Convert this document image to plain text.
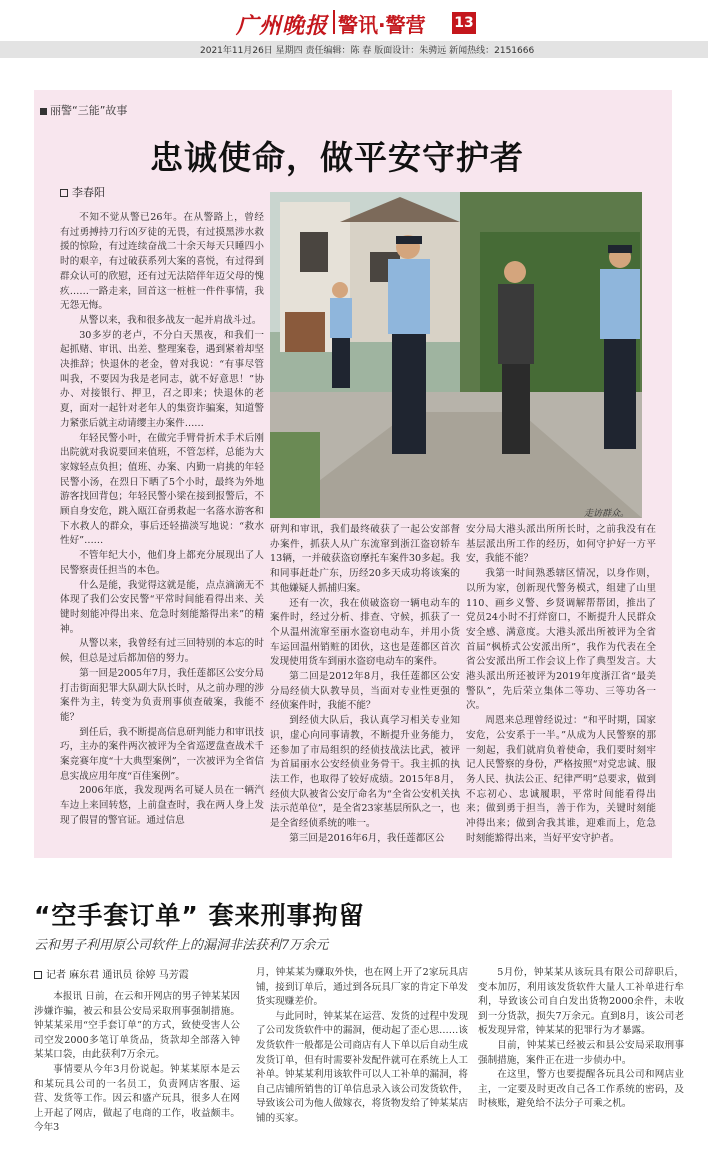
广州晚报 警讯·警营 13
2021年11月26日 星期四 责任编辑：陈 春 版面设计：朱骋远 新闻热线：2151666
丽警“三能”故事
忠诚使命，做平安守护者
李春阳

不知不觉从警已26年。在从警路上，曾经有过勇搏持刀行凶歹徒的无畏，有过摸黑涉水救援的惊险，有过连续奋战二十余天每天只睡四小时的艰辛，有过破获系列大案的喜悦，有过得到群众认可的欣慰，还有过无法陪伴年迈父母的愧疚……一路走来，回首这一桩桩一件件事情，我无怨无悔。

从警以来，我和很多战友一起并肩战斗过。

30多岁的老卢，不分白天黑夜，和我们一起抓赌、审讯、出差、整理案卷，遇到紧着却坚决推辞；快退休的老金，曾对我说：“有事尽管叫我，不要因为我是老同志，就不好意思！”协办、对接银行、押卫，召之即来；快退休的老夏，面对一起针对老年人的集资诈骗案，知道警力紧张后就主动请缨主办案件……

年轻民警小叶，在做完手臂骨折术手术后刚出院就对我说要回来值班，不管怎样，总能为大家嫁轻点负担；值班、办案、内勤一肩挑的年轻民警小汤，在烈日下晒了5个小时，最终为外地游客找回背包；年轻民警小梁在接到报警后，不顾自身安危，跳入瓯江奋勇救起一名落水游客和下水救人的群众，事后还轻描淡写地说：“救水性好”……

不管年纪大小，他们身上都充分展现出了人民警察责任担当的本色。

什么是能，我觉得这就是能，点点滴滴无不体现了我们公安民警“平常时间能看得出来、关键时刻能冲得出来、危急时刻能豁得出来”的精神。

从警以来，我曾经有过三回特别的本忘的时候，但总是过后都加倍的努力。

第一回是2005年7月，我任莲都区公安分局打击街面犯罪大队副大队长时，从之前办理的涉案件为主，转变为负责刑事侦查破案，我能不能？

到任后，我不断提高信息研判能力和审讯技巧，主办的案件两次被评为全省巡逻盘查战术千案竞赛年度“十大典型案例”，一次被评为全省信息实战应用年度“百佳案例”。

2006年底，我发现两名可疑人员在一辆汽车边上来回转悠，上前盘查时，我在两人身上发现了假冒的警官证。通过信息

走访群众。

研判和审讯，我们最终破获了一起公安部督办案件，抓获人从广东流窜到浙江盗窃轿车13辆，一并破获盗窃摩托车案件30多起。我和同事赶赴广东，历经20多天成功将该案的其他嫌疑人抓捕归案。

还有一次，我在侦破盗窃一辆电动车的案件时，经过分析、排查、守候，抓获了一个从温州流窜至丽水盗窃电动车，并用小货车运回温州销赃的团伙，这也是莲都区首次发现使用货车到丽水盗窃电动车的案件。

第二回是2012年8月，我任莲都区公安分局经侦大队教导员，当面对专业性更强的经侦案件时，我能不能？

到经侦大队后，我认真学习相关专业知识，虚心向同事请教，不断提升业务能力，还参加了市局组织的经侦技战法比武，被评为首届丽水公安经侦业务骨干。我主抓的执法工作，也取得了较好成绩。2015年8月，经侦大队被省公安厅命名为“全省公安机关执法示范单位”，是全省23家基层所队之一，也是全省经侦系统的唯一。

第三回是2016年6月，我任莲都区公

安分局大港头派出所所长时，之前我没有在基层派出所工作的经历，如何守护好一方平安，我能不能？

我第一时间熟悉辖区情况，以身作则，以所为家，创新现代警务模式，组建了山里110、画乡义警、乡贤调解帮帮团，推出了党员24小时不打烊窗口，不断提升人民群众安全感、满意度。大港头派出所被评为全省首届“枫桥式公安派出所”，我作为代表在全省公安派出所工作会议上作了典型发言。大港头派出所还被评为2019年度浙江省“最美警队”，先后荣立集体二等功、三等功各一次。

周恩来总理曾经说过：“和平时期，国家安危，公安系于一半。”从成为人民警察的那一刻起，我们就肩负着使命，我们要时刻牢记人民警察的身份，严格按照“对党忠诚、服务人民、执法公正、纪律严明”总要求，做到不忘初心、忠诚履职，平常时间能看得出来；做到勇于担当，善于作为，关键时刻能冲得出来；做到舍我其谁，迎难而上，危急时刻能豁得出来，当好平安守护者。

“空手套订单” 套来刑事拘留
云和男子利用原公司软件上的漏洞非法获利7万余元
记者 麻东君 通讯员 徐婷 马芳霞

本报讯 日前，在云和开网店的男子钟某某因涉嫌诈骗，被云和县公安局采取刑事强制措施。钟某某采用“空手套订单”的方式，致使受害人公司空发2000多笔订单货品，货款却全部落入钟某某口袋，由此获利7万余元。

事情要从今年3月份说起。钟某某原本是云和某玩具公司的一名员工，负责网店客服、运营、发货等工作。因云和盛产玩具，很多人在网上开起了网店，做起了电商的工作，收益颇丰。今年3

月，钟某某为赚取外快，也在网上开了2家玩具店铺，接到订单后，通过到各玩具厂家的肯定下单发货实现赚差价。

与此同时，钟某某在运营、发货的过程中发现了公司发货软件中的漏洞，便动起了歪心思……该发货软件一般都是公司商店有人下单以后自动生成发货订单，但有时需要补发配件就可在系统上人工补单。钟某某利用该软件可以人工补单的漏洞，将自己店铺所销售的订单信息录入该公司发货软件，导致该公司为他人做嫁衣，将货物发给了钟某某店铺的买家。

5月份，钟某某从该玩具有限公司辞职后，变本加厉，利用该发货软件大量人工补单进行牟利，导致该公司自白发出货物2000余件，未收到一分货款，损失7万余元。直到8月，该公司老板发现异常，钟某某的犯罪行为才暴露。

目前，钟某某已经被云和县公安局采取刑事强制措施，案件正在进一步侦办中。

在这里，警方也要提醒各玩具公司和网店业主，一定要及时更改自己各工作系统的密码，及时核账，避免给不法分子可乘之机。
